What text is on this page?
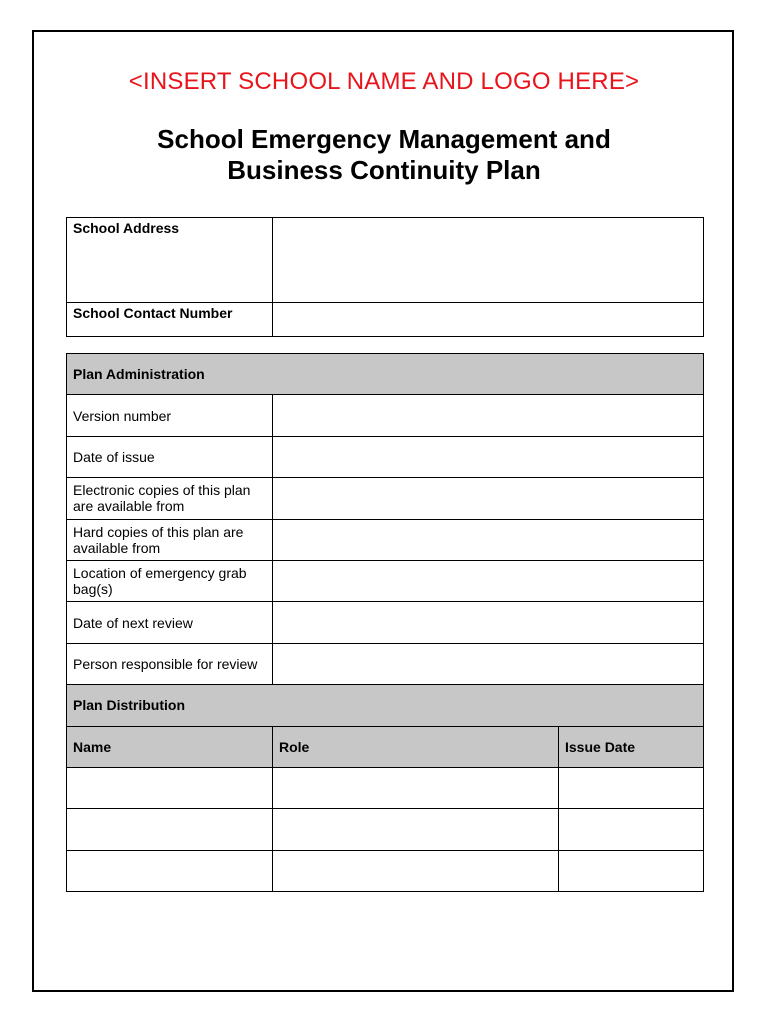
<INSERT SCHOOL NAME AND LOGO HERE>
School Emergency Management and
Business Continuity Plan
School Address	
School Contact Number	
Plan Administration		
Version number		
Date of issue		
Electronic copies of this plan are available from		
Hard copies of this plan are available from		
Location of emergency grab bag(s)		
Date of next review		
Person responsible for review		
Plan Distribution		
Name	Role	Issue Date
